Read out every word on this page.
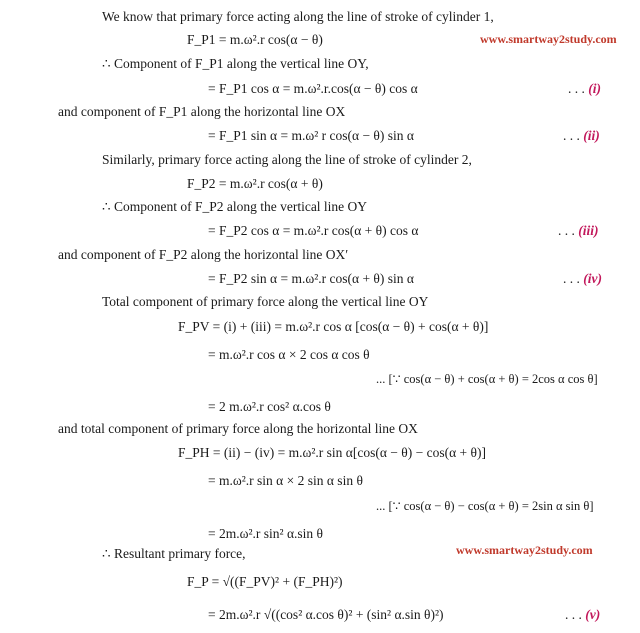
www.smartway2study.com
www.smartway2study.com
We know that primary force acting along the line of stroke of cylinder 1,
F_P1 = m.ω².r cos(α − θ)
∴ Component of F_P1 along the vertical line OY,
= F_P1 cos α = m.ω².r.cos(α − θ) cos α	. . . (i)
and component of F_P1 along the horizontal line OX
= F_P1 sin α = m.ω² r cos(α − θ) sin α	. . . (ii)
Similarly, primary force acting along the line of stroke of cylinder 2,
F_P2 = m.ω².r cos(α + θ)
∴ Component of F_P2 along the vertical line OY
= F_P2 cos α = m.ω².r cos(α + θ) cos α	. . . (iii)
and component of F_P2 along the horizontal line OX′
= F_P2 sin α = m.ω².r cos(α + θ) sin α	. . . (iv)
Total component of primary force along the vertical line OY
F_PV = (i) + (iii) = m.ω².r cos α [cos(α − θ) + cos(α + θ)]
= m.ω².r cos α × 2 cos α cos θ
... [∵ cos(α − θ) + cos(α + θ) = 2cos α cos θ]
= 2 m.ω².r cos² α.cos θ
and total component of primary force along the horizontal line OX
F_PH = (ii) − (iv) = m.ω².r sin α[cos(α − θ) − cos(α + θ)]
= m.ω².r sin α × 2 sin α sin θ
... [∵ cos(α − θ) − cos(α + θ) = 2sin α sin θ]
= 2m.ω².r sin² α.sin θ
∴ Resultant primary force,
F_P = √((F_PV)² + (F_PH)²)
= 2m.ω².r √((cos² α.cos θ)² + (sin² α.sin θ)²)	. . . (v)
